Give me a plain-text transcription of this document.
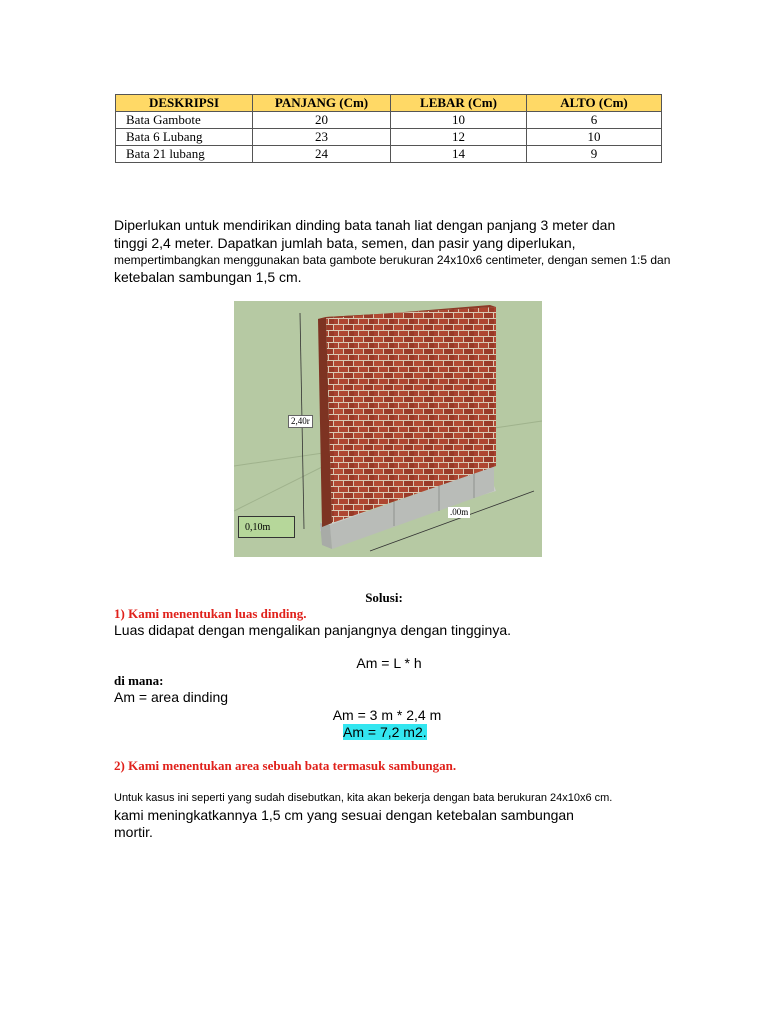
DESKRIPSI	PANJANG (Cm)	LEBAR (Cm)	ALTO (Cm)
Bata Gambote	20	10	6
Bata 6 Lubang	23	12	10
Bata 21 lubang	24	14	9
Diperlukan untuk mendirikan dinding bata tanah liat dengan panjang 3 meter dan
tinggi 2,4 meter. Dapatkan jumlah bata, semen, dan pasir yang diperlukan,
mempertimbangkan menggunakan bata gambote berukuran 24x10x6 centimeter, dengan semen 1:5 dan
ketebalan sambungan 1,5 cm.
2,40r
.00m
0,10m
Solusi:
1) Kami menentukan luas dinding.
Luas didapat dengan mengalikan panjangnya dengan tingginya.
Am = L * h
di mana:
Am = area dinding
Am = 3 m * 2,4 m
Am = 7,2 m2.
2) Kami menentukan area sebuah bata termasuk sambungan.
Untuk kasus ini seperti yang sudah disebutkan, kita akan bekerja dengan bata berukuran 24x10x6 cm.
kami meningkatkannya 1,5 cm yang sesuai dengan ketebalan sambungan
mortir.
